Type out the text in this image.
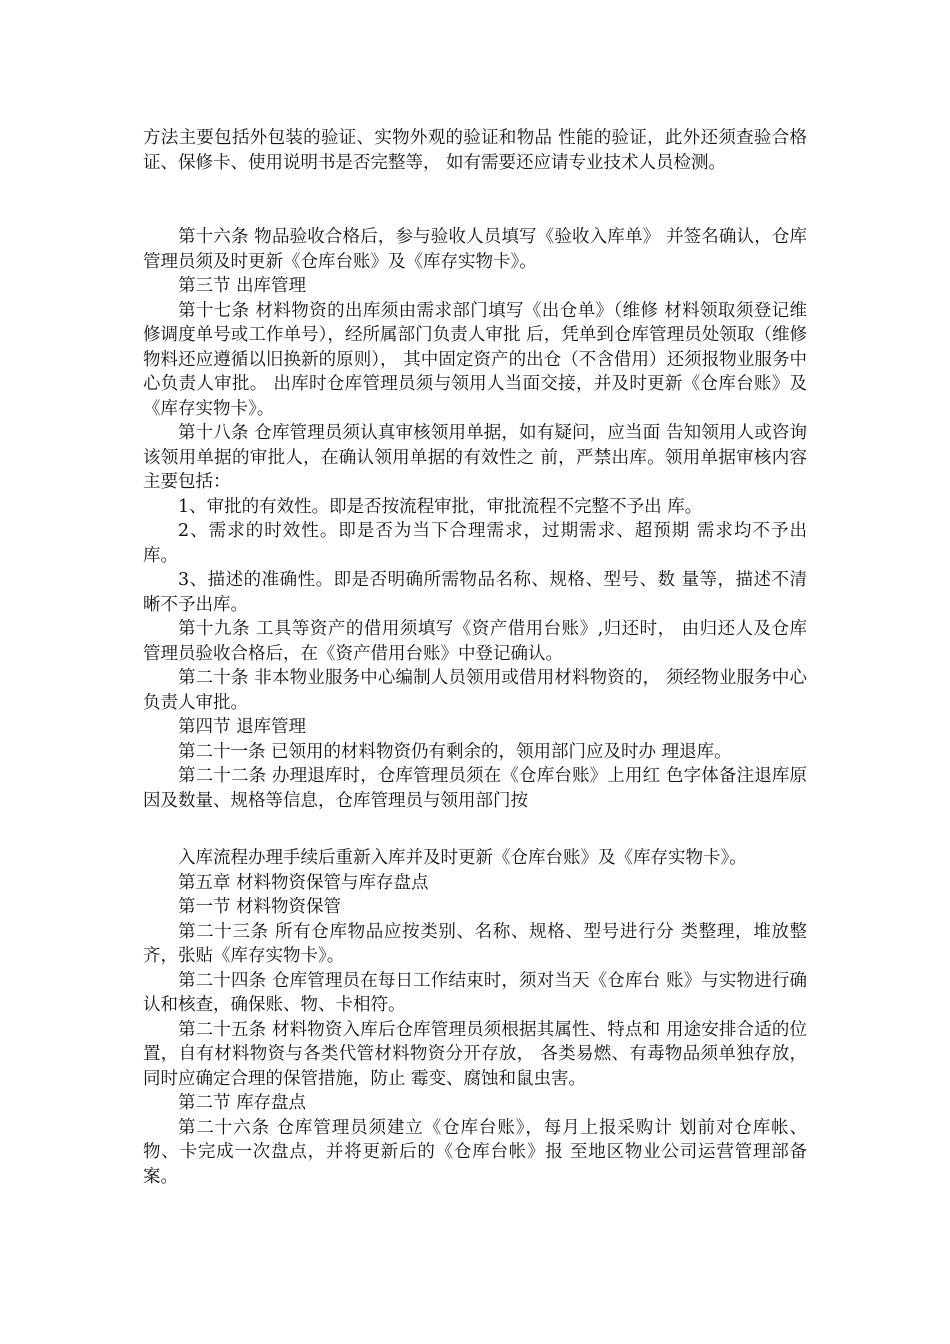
方法主要包括外包装的验证、实物外观的验证和物品 性能的验证，此外还须查验合格证、保修卡、使用说明书是否完整等， 如有需要还应请专业技术人员检测。

第十六条 物品验收合格后，参与验收人员填写《验收入库单》 并签名确认，仓库管理员须及时更新《仓库台账》及《库存实物卡》。

第三节 出库管理

第十七条 材料物资的出库须由需求部门填写《出仓单》（维修 材料领取须登记维修调度单号或工作单号），经所属部门负责人审批 后，凭单到仓库管理员处领取（维修物料还应遵循以旧换新的原则）， 其中固定资产的出仓（不含借用）还须报物业服务中心负责人审批。 出库时仓库管理员须与领用人当面交接，并及时更新《仓库台账》及 《库存实物卡》。

第十八条 仓库管理员须认真审核领用单据，如有疑问，应当面 告知领用人或咨询该领用单据的审批人，在确认领用单据的有效性之 前，严禁出库。领用单据审核内容主要包括：

1、审批的有效性。即是否按流程审批，审批流程不完整不予出 库。

2、需求的时效性。即是否为当下合理需求，过期需求、超预期 需求均不予出库。

3、描述的准确性。即是否明确所需物品名称、规格、型号、数 量等，描述不清晰不予出库。

第十九条 工具等资产的借用须填写《资产借用台账》,归还时， 由归还人及仓库管理员验收合格后，在《资产借用台账》中登记确认。

第二十条 非本物业服务中心编制人员领用或借用材料物资的， 须经物业服务中心负责人审批。

第四节 退库管理

第二十一条 已领用的材料物资仍有剩余的，领用部门应及时办 理退库。

第二十二条 办理退库时，仓库管理员须在《仓库台账》上用红 色字体备注退库原因及数量、规格等信息，仓库管理员与领用部门按

入库流程办理手续后重新入库并及时更新《仓库台账》及《库存实物卡》。

第五章 材料物资保管与库存盘点

第一节 材料物资保管

第二十三条 所有仓库物品应按类别、名称、规格、型号进行分 类整理，堆放整齐，张贴《库存实物卡》。

第二十四条 仓库管理员在每日工作结束时，须对当天《仓库台 账》与实物进行确认和核查，确保账、物、卡相符。

第二十五条 材料物资入库后仓库管理员须根据其属性、特点和 用途安排合适的位置，自有材料物资与各类代管材料物资分开存放， 各类易燃、有毒物品须单独存放，同时应确定合理的保管措施，防止 霉变、腐蚀和鼠虫害。

第二节 库存盘点

第二十六条 仓库管理员须建立《仓库台账》，每月上报采购计 划前对仓库帐、物、卡完成一次盘点，并将更新后的《仓库台帐》报 至地区物业公司运营管理部备案。
